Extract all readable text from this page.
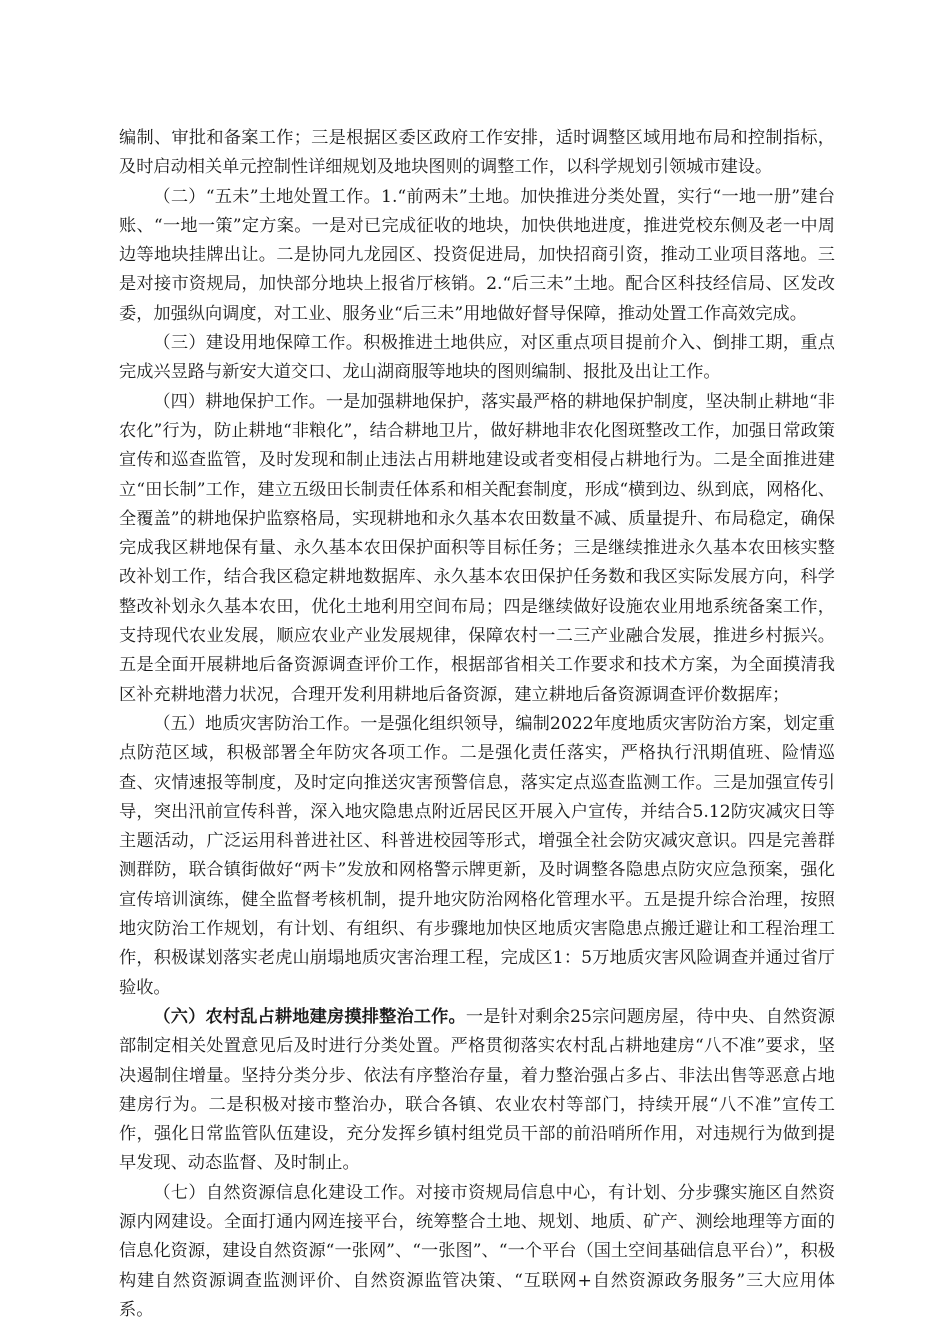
编制、审批和备案工作；三是根据区委区政府工作安排，适时调整区域用地布局和控制指标，及时启动相关单元控制性详细规划及地块图则的调整工作，以科学规划引领城市建设。

（二）“五未”土地处置工作。1.“前两未”土地。加快推进分类处置，实行“一地一册”建台账、“一地一策”定方案。一是对已完成征收的地块，加快供地进度，推进党校东侧及老一中周边等地块挂牌出让。二是协同九龙园区、投资促进局，加快招商引资，推动工业项目落地。三是对接市资规局，加快部分地块上报省厅核销。2.“后三未”土地。配合区科技经信局、区发改委，加强纵向调度，对工业、服务业“后三未”用地做好督导保障，推动处置工作高效完成。

（三）建设用地保障工作。积极推进土地供应，对区重点项目提前介入、倒排工期，重点完成兴昱路与新安大道交口、龙山湖商服等地块的图则编制、报批及出让工作。

（四）耕地保护工作。一是加强耕地保护，落实最严格的耕地保护制度，坚决制止耕地“非农化”行为，防止耕地“非粮化”，结合耕地卫片，做好耕地非农化图斑整改工作，加强日常政策宣传和巡查监管，及时发现和制止违法占用耕地建设或者变相侵占耕地行为。二是全面推进建立“田长制”工作，建立五级田长制责任体系和相关配套制度，形成“横到边、纵到底，网格化、全覆盖”的耕地保护监察格局，实现耕地和永久基本农田数量不减、质量提升、布局稳定，确保完成我区耕地保有量、永久基本农田保护面积等目标任务；三是继续推进永久基本农田核实整改补划工作，结合我区稳定耕地数据库、永久基本农田保护任务数和我区实际发展方向，科学整改补划永久基本农田，优化土地利用空间布局；四是继续做好设施农业用地系统备案工作，支持现代农业发展，顺应农业产业发展规律，保障农村一二三产业融合发展，推进乡村振兴。五是全面开展耕地后备资源调查评价工作，根据部省相关工作要求和技术方案，为全面摸清我区补充耕地潜力状况，合理开发利用耕地后备资源，建立耕地后备资源调查评价数据库；

（五）地质灾害防治工作。一是强化组织领导，编制2022年度地质灾害防治方案，划定重点防范区域，积极部署全年防灾各项工作。二是强化责任落实，严格执行汛期值班、险情巡查、灾情速报等制度，及时定向推送灾害预警信息，落实定点巡查监测工作。三是加强宣传引导，突出汛前宣传科普，深入地灾隐患点附近居民区开展入户宣传，并结合5.12防灾减灾日等主题活动，广泛运用科普进社区、科普进校园等形式，增强全社会防灾减灾意识。四是完善群测群防，联合镇街做好“两卡”发放和网格警示牌更新，及时调整各隐患点防灾应急预案，强化宣传培训演练，健全监督考核机制，提升地灾防治网格化管理水平。五是提升综合治理，按照地灾防治工作规划，有计划、有组织、有步骤地加快区地质灾害隐患点搬迁避让和工程治理工作，积极谋划落实老虎山崩塌地质灾害治理工程，完成区1：5万地质灾害风险调查并通过省厅验收。

（六）农村乱占耕地建房摸排整治工作。一是针对剩余25宗问题房屋，待中央、自然资源部制定相关处置意见后及时进行分类处置。严格贯彻落实农村乱占耕地建房“八不准”要求，坚决遏制住增量。坚持分类分步、依法有序整治存量，着力整治强占多占、非法出售等恶意占地建房行为。二是积极对接市整治办，联合各镇、农业农村等部门，持续开展“八不准”宣传工作，强化日常监管队伍建设，充分发挥乡镇村组党员干部的前沿哨所作用，对违规行为做到提早发现、动态监督、及时制止。

（七）自然资源信息化建设工作。对接市资规局信息中心，有计划、分步骤实施区自然资源内网建设。全面打通内网连接平台，统筹整合土地、规划、地质、矿产、测绘地理等方面的信息化资源，建设自然资源“一张网”、“一张图”、“一个平台（国土空间基础信息平台）”，积极构建自然资源调查监测评价、自然资源监管决策、“互联网+自然资源政务服务”三大应用体系。
